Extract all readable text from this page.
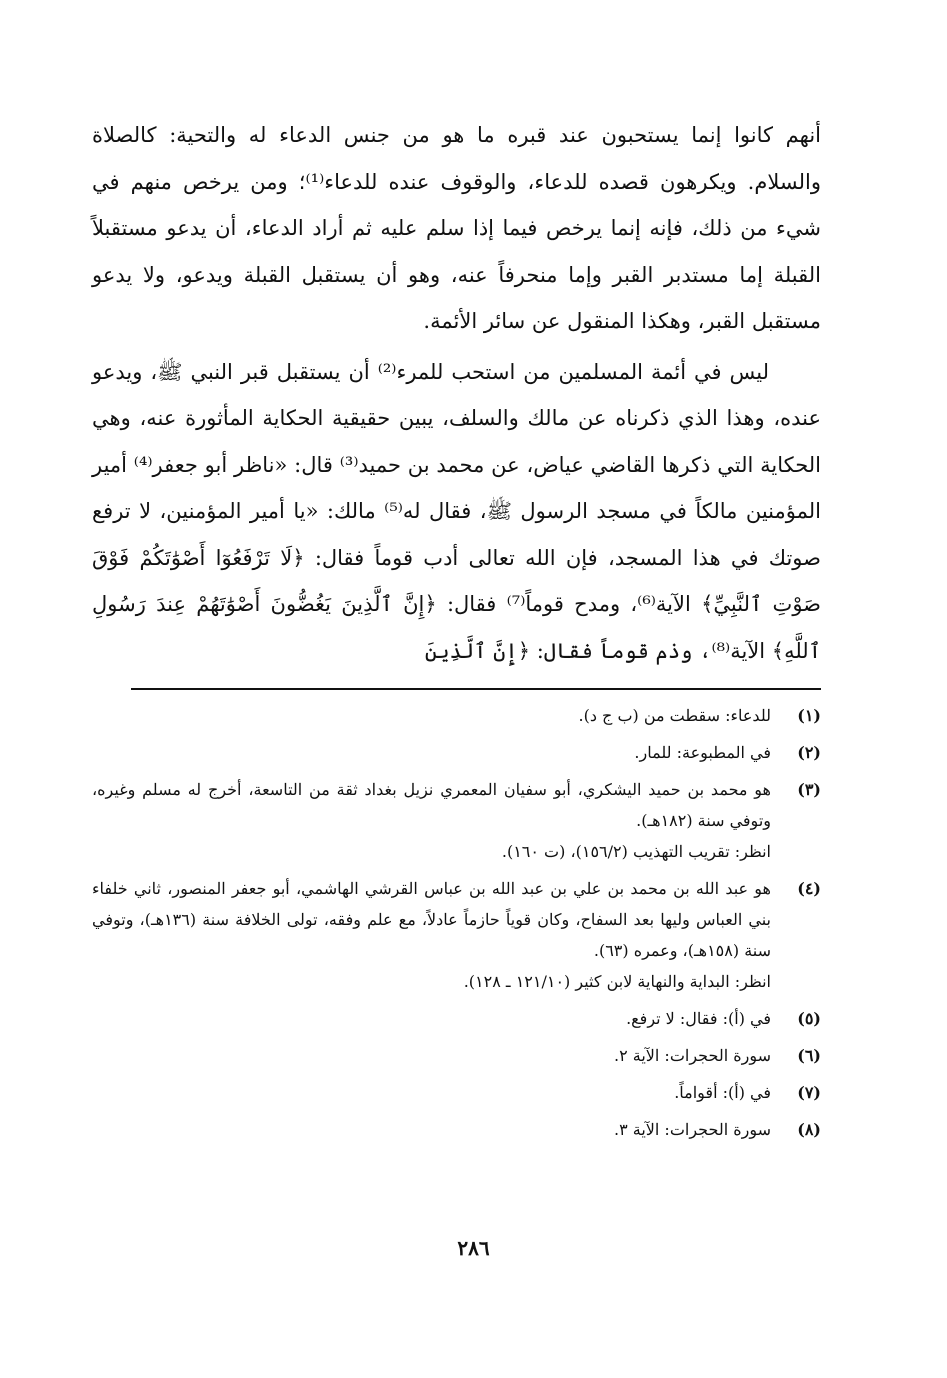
أنهم كانوا إنما يستحبون عند قبره ما هو من جنس الدعاء له والتحية: كالصلاة والسلام. ويكرهون قصده للدعاء، والوقوف عنده للدعاء⁽¹⁾؛ ومن يرخص منهم في شيء من ذلك، فإنه إنما يرخص فيما إذا سلم عليه ثم أراد الدعاء، أن يدعو مستقبلاً القبلة إما مستدبر القبر وإما منحرفاً عنه، وهو أن يستقبل القبلة ويدعو، ولا يدعو مستقبل القبر، وهكذا المنقول عن سائر الأئمة.

ليس في أئمة المسلمين من استحب للمرء⁽²⁾ أن يستقبل قبر النبي ﷺ، ويدعو عنده، وهذا الذي ذكرناه عن مالك والسلف، يبين حقيقية الحكاية المأثورة عنه، وهي الحكاية التي ذكرها القاضي عياض، عن محمد بن حميد⁽³⁾ قال: «ناظر أبو جعفر⁽⁴⁾ أمير المؤمنين مالكاً في مسجد الرسول ﷺ، فقال له⁽⁵⁾ مالك: «يا أمير المؤمنين، لا ترفع صوتك في هذا المسجد، فإن الله تعالى أدب قوماً فقال: ﴿لَا تَرْفَعُوٓا أَصْوَٰتَكُمْ فَوْقَ صَوْتِ ٱلنَّبِيِّ﴾ الآية⁽⁶⁾، ومدح قوماً⁽⁷⁾ فقال: ﴿إِنَّ ٱلَّذِينَ يَغُضُّونَ أَصْوَٰتَهُمْ عِندَ رَسُولِ ٱللَّهِ﴾ الآية⁽⁸⁾، وذم قوماً فقال: ﴿إِنَّ ٱلَّذِينَ

(١)
للدعاء: سقطت من (ب ج د).
(٢)
في المطبوعة: للمار.
(٣)
هو محمد بن حميد اليشكري، أبو سفيان المعمري نزيل بغداد ثقة من التاسعة، أخرج له مسلم وغيره، وتوفي سنة (١٨٢هـ).
انظر: تقريب التهذيب (١٥٦/٢)، (ت ١٦٠).
(٤)
هو عبد الله بن محمد بن علي بن عبد الله بن عباس القرشي الهاشمي، أبو جعفر المنصور، ثاني خلفاء بني العباس وليها بعد السفاح، وكان قوياً حازماً عادلاً، مع علم وفقه، تولى الخلافة سنة (١٣٦هـ)، وتوفي سنة (١٥٨هـ)، وعمره (٦٣).
انظر: البداية والنهاية لابن كثير (١٢١/١٠ ـ ١٢٨).
(٥)
في (أ): فقال: لا ترفع.
(٦)
سورة الحجرات: الآية ٢.
(٧)
في (أ): أقواماً.
(٨)
سورة الحجرات: الآية ٣.
٢٨٦
